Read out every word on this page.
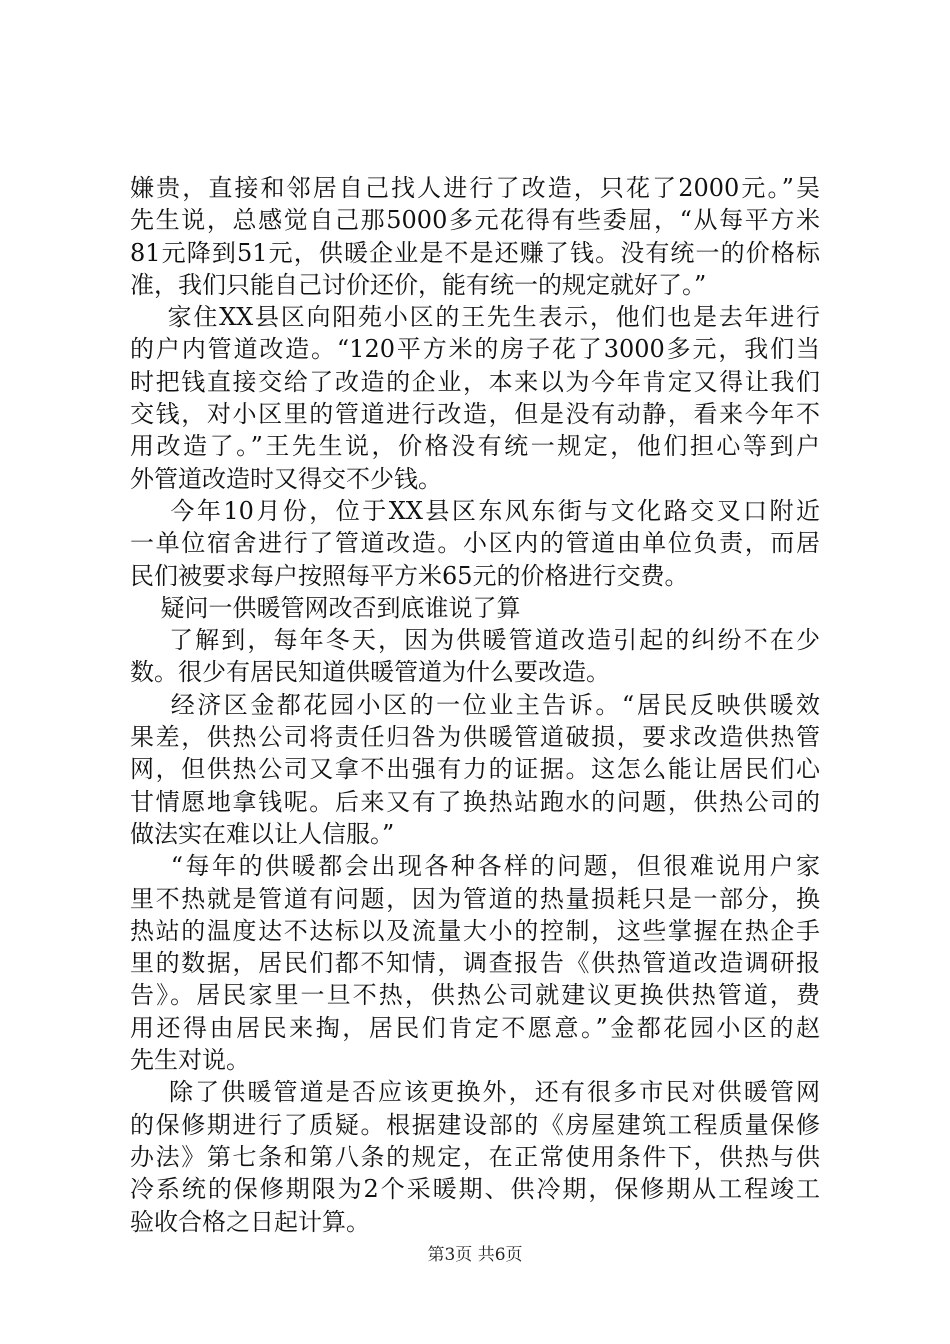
嫌贵，直接和邻居自己找人进行了改造，只花了2000元。”吴
先生说，总感觉自己那5000多元花得有些委屈，“从每平方米
81元降到51元，供暖企业是不是还赚了钱。没有统一的价格标
准，我们只能自己讨价还价，能有统一的规定就好了。”
家住XX县区向阳苑小区的王先生表示，他们也是去年进行
的户内管道改造。“120平方米的房子花了3000多元，我们当
时把钱直接交给了改造的企业，本来以为今年肯定又得让我们
交钱，对小区里的管道进行改造，但是没有动静，看来今年不
用改造了。”王先生说，价格没有统一规定，他们担心等到户
外管道改造时又得交不少钱。
今年10月份，位于XX县区东风东街与文化路交叉口附近
一单位宿舍进行了管道改造。小区内的管道由单位负责，而居
民们被要求每户按照每平方米65元的价格进行交费。
疑问一供暖管网改否到底谁说了算
了解到，每年冬天，因为供暖管道改造引起的纠纷不在少
数。很少有居民知道供暖管道为什么要改造。
经济区金都花园小区的一位业主告诉。“居民反映供暖效
果差，供热公司将责任归咎为供暖管道破损，要求改造供热管
网，但供热公司又拿不出强有力的证据。这怎么能让居民们心
甘情愿地拿钱呢。后来又有了换热站跑水的问题，供热公司的
做法实在难以让人信服。”
“每年的供暖都会出现各种各样的问题，但很难说用户家
里不热就是管道有问题，因为管道的热量损耗只是一部分，换
热站的温度达不达标以及流量大小的控制，这些掌握在热企手
里的数据，居民们都不知情，调查报告《供热管道改造调研报
告》。居民家里一旦不热，供热公司就建议更换供热管道，费
用还得由居民来掏，居民们肯定不愿意。”金都花园小区的赵
先生对说。
除了供暖管道是否应该更换外，还有很多市民对供暖管网
的保修期进行了质疑。根据建设部的《房屋建筑工程质量保修
办法》第七条和第八条的规定，在正常使用条件下，供热与供
冷系统的保修期限为2个采暖期、供冷期，保修期从工程竣工
验收合格之日起计算。
第3页 共6页
